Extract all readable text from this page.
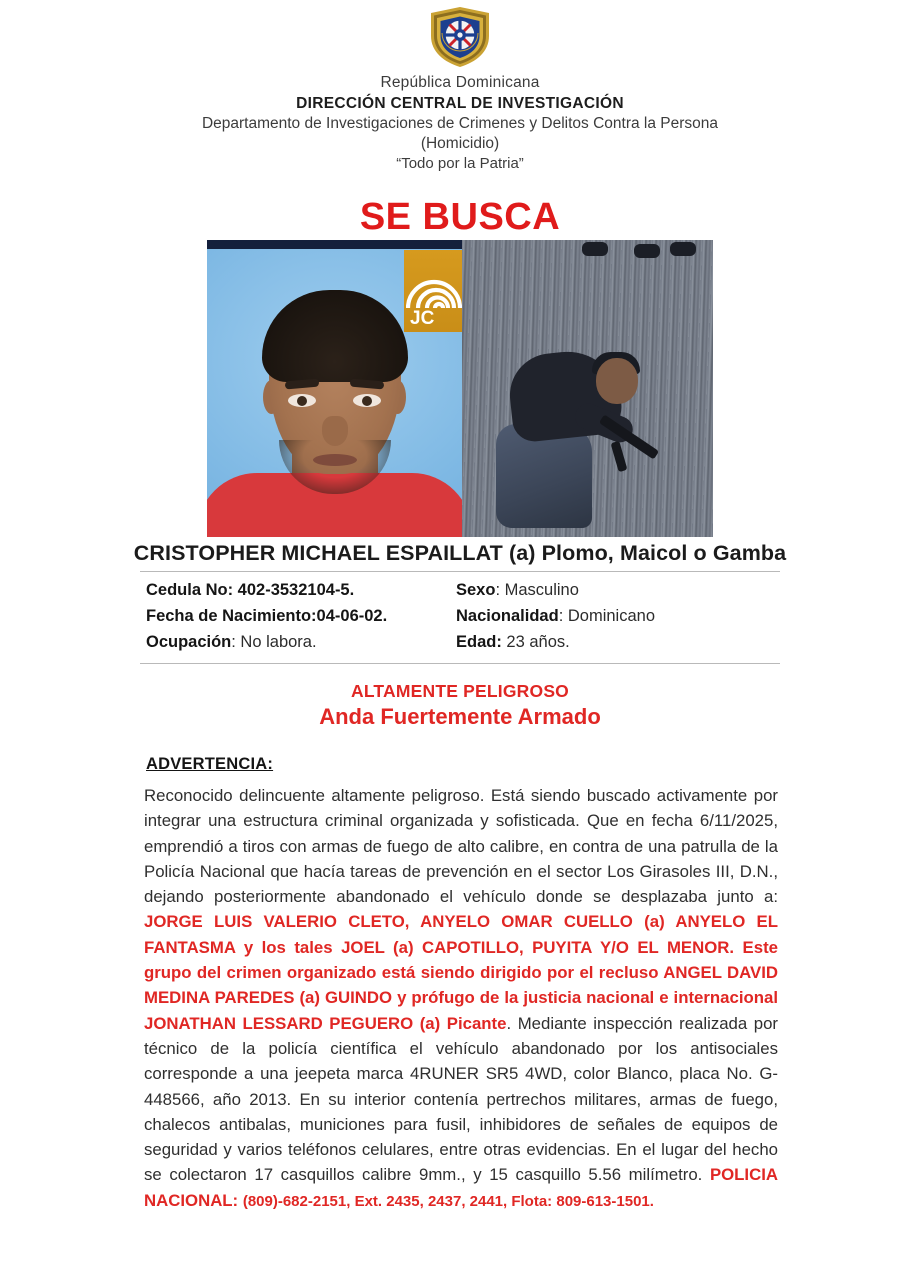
República Dominicana
DIRECCIÓN CENTRAL DE INVESTIGACIÓN
Departamento de Investigaciones de Crimenes y Delitos Contra la Persona
(Homicidio)
“Todo por la Patria”
SE BUSCA
JC
CRISTOPHER MICHAEL ESPAILLAT (a) Plomo, Maicol o Gamba
Cedula No: 402-3532104-5.	Sexo: Masculino
Fecha de Nacimiento:04-06-02.	Nacionalidad: Dominicano
Ocupación: No labora.	Edad: 23 años.
ALTAMENTE PELIGROSO
Anda Fuertemente Armado
ADVERTENCIA:
Reconocido delincuente altamente peligroso. Está siendo buscado activamente por integrar una estructura criminal organizada y sofisticada. Que en fecha 6/11/2025, emprendió a tiros con armas de fuego de alto calibre, en contra de una patrulla de la Policía Nacional que hacía tareas de prevención en el sector Los Girasoles III, D.N., dejando posteriormente abandonado el vehículo donde se desplazaba junto a: JORGE LUIS VALERIO CLETO, ANYELO OMAR CUELLO (a) ANYELO EL FANTASMA y los tales JOEL (a) CAPOTILLO, PUYITA Y/O EL MENOR. Este grupo del crimen organizado está siendo dirigido por el recluso ANGEL DAVID MEDINA PAREDES (a) GUINDO y prófugo de la justicia nacional e internacional JONATHAN LESSARD PEGUERO (a) Picante. Mediante inspección realizada por técnico de la policía científica el vehículo abandonado por los antisociales corresponde a una jeepeta marca 4RUNER SR5 4WD, color Blanco, placa No. G-448566, año 2013. En su interior contenía pertrechos militares, armas de fuego, chalecos antibalas, municiones para fusil, inhibidores de señales de equipos de seguridad y varios teléfonos celulares, entre otras evidencias. En el lugar del hecho se colectaron 17 casquillos calibre 9mm., y 15 casquillo 5.56 milímetro. POLICIA NACIONAL: (809)-682-2151, Ext. 2435, 2437, 2441, Flota: 809-613-1501.
